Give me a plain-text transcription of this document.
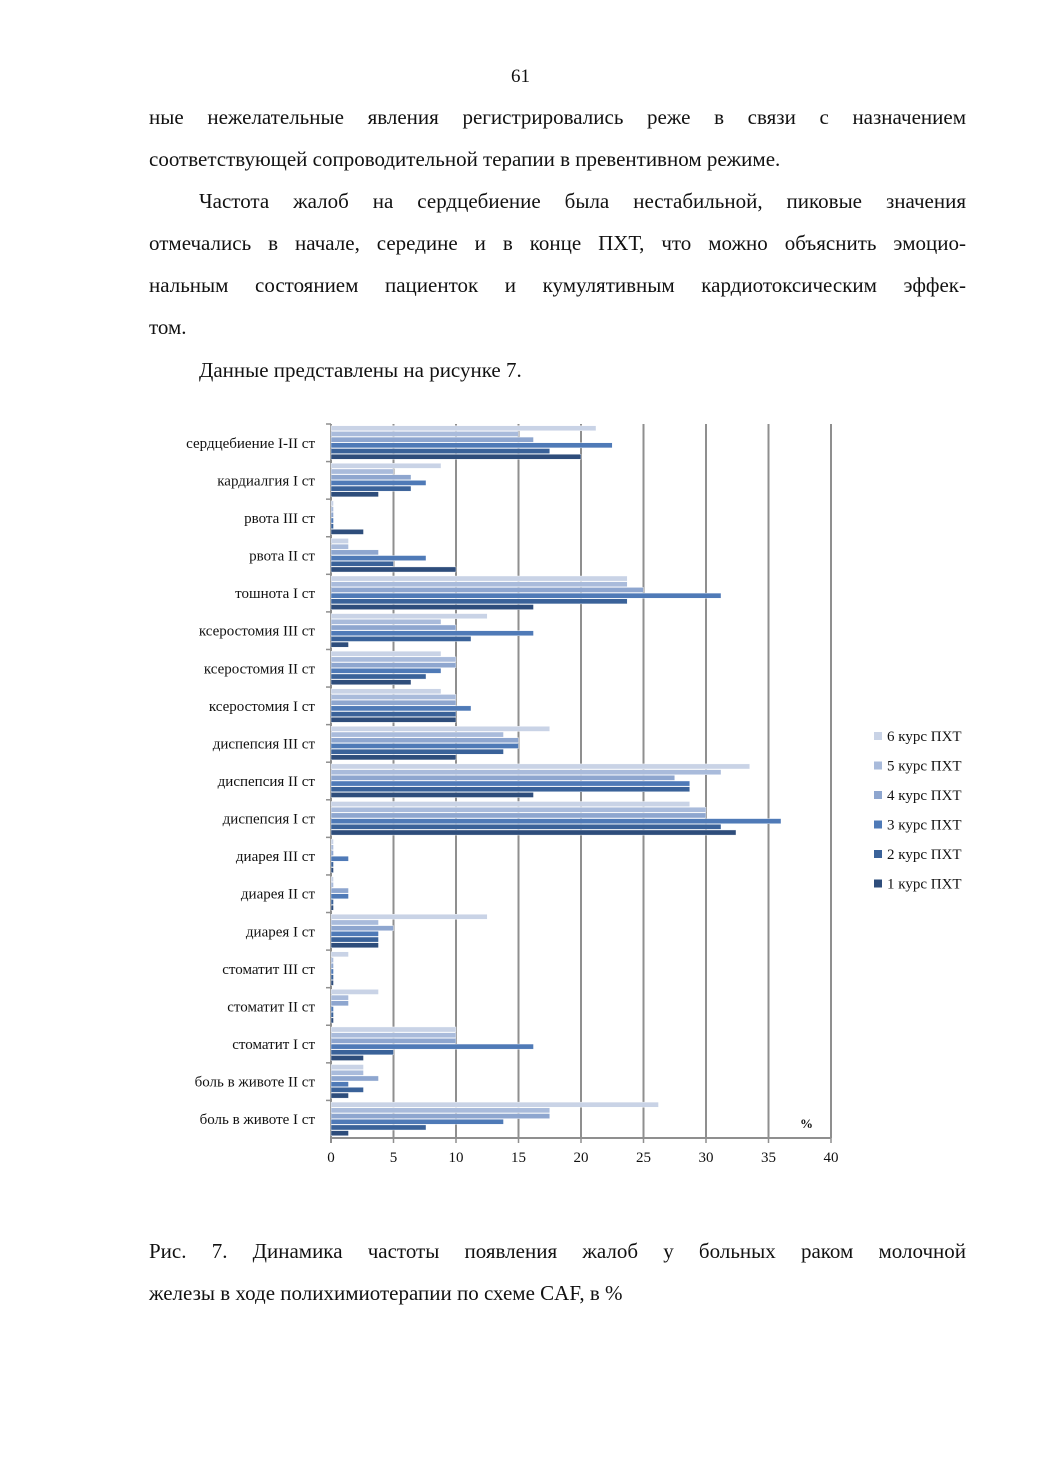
61

ные нежелательные явления регистрировались реже в связи с назначением

соответствующей сопроводительной терапии в превентивном режиме.

Частота жалоб на сердцебиение была нестабильной, пиковые значения

отмечались в начале, середине и в конце ПХТ, что можно объяснить эмоцио-

нальным состоянием пациенток и кумулятивным кардиотоксическим эффек-

том.

Данные представлены на рисунке 7.

0	5	10	15	20	25	30	35	40
сердцебиение I-II ст
кардиалгия I ст
рвота III ст
рвота II ст
тошнота I ст
ксеростомия III ст
ксеростомия II ст
ксеростомия I ст
диспепсия III ст
диспепсия II ст
диспепсия I ст
диарея III ст
диарея II ст
диарея I ст
стоматит III ст
стоматит II ст
стоматит I ст
боль в животе II ст
боль в животе I ст	%
6 курс ПХТ
5 курс ПХТ
4 курс ПХТ
3 курс ПХТ
2 курс ПХТ
1 курс ПХТ

Рис. 7. Динамика частоты появления жалоб у больных раком молочной

железы в ходе полихимиотерапии по схеме CAF, в %
